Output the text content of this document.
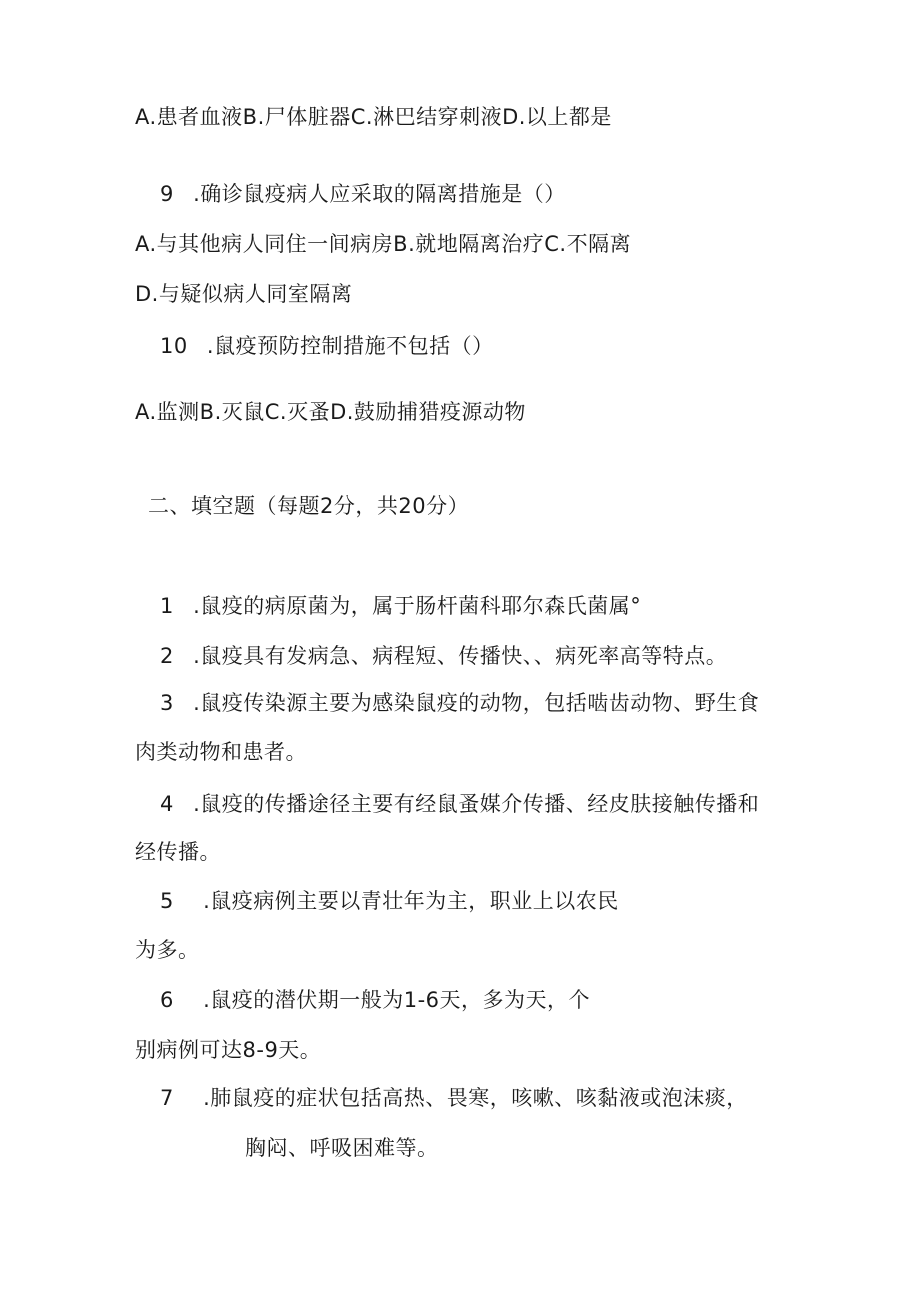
A.患者血液B.尸体脏器C.淋巴结穿刺液D.以上都是
9 .确诊鼠疫病人应采取的隔离措施是（）
A.与其他病人同住一间病房B.就地隔离治疗C.不隔离
D.与疑似病人同室隔离
10 .鼠疫预防控制措施不包括（）
A.监测B.灭鼠C.灭蚤D.鼓励捕猎疫源动物
二、填空题（每题2分，共20分）
1 .鼠疫的病原菌为，属于肠杆菌科耶尔森氏菌属°
2 .鼠疫具有发病急、病程短、传播快、、病死率高等特点。
3 .鼠疫传染源主要为感染鼠疫的动物，包括啮齿动物、野生食
肉类动物和患者。
4 .鼠疫的传播途径主要有经鼠蚤媒介传播、经皮肤接触传播和
经传播。
5 .鼠疫病例主要以青壮年为主，职业上以农民
为多。
6 .鼠疫的潜伏期一般为1-6天，多为天，个
别病例可达8-9天。
7 .肺鼠疫的症状包括高热、畏寒，咳嗽、咳黏液或泡沫痰，
胸闷、呼吸困难等。
